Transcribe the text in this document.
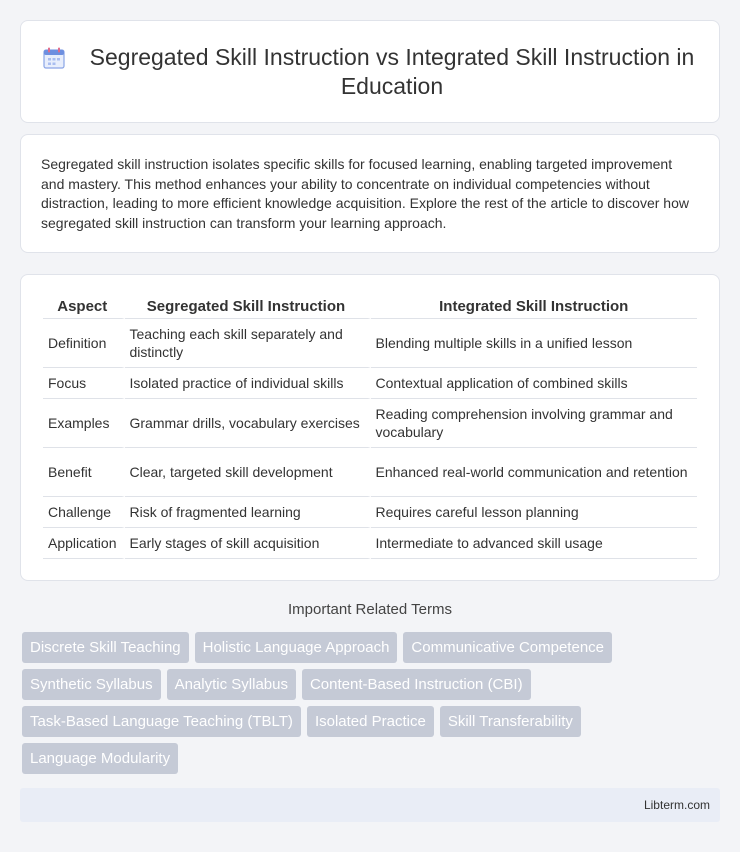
Segregated Skill Instruction vs Integrated Skill Instruction in Education

Segregated skill instruction isolates specific skills for focused learning, enabling targeted improvement and mastery. This method enhances your ability to concentrate on individual competencies without distraction, leading to more efficient knowledge acquisition. Explore the rest of the article to discover how segregated skill instruction can transform your learning approach.

Aspect	Segregated Skill Instruction	Integrated Skill Instruction
Definition	Teaching each skill separately and distinctly	Blending multiple skills in a unified lesson
Focus	Isolated practice of individual skills	Contextual application of combined skills
Examples	Grammar drills, vocabulary exercises	Reading comprehension involving grammar and vocabulary
Benefit	Clear, targeted skill development	Enhanced real-world communication and retention
Challenge	Risk of fragmented learning	Requires careful lesson planning
Application	Early stages of skill acquisition	Intermediate to advanced skill usage
Important Related Terms
Discrete Skill Teaching	Holistic Language Approach	Communicative Competence
Synthetic Syllabus	Analytic Syllabus	Content-Based Instruction (CBI)
Task-Based Language Teaching (TBLT)	Isolated Practice	Skill Transferability
Language Modularity
Libterm.com
